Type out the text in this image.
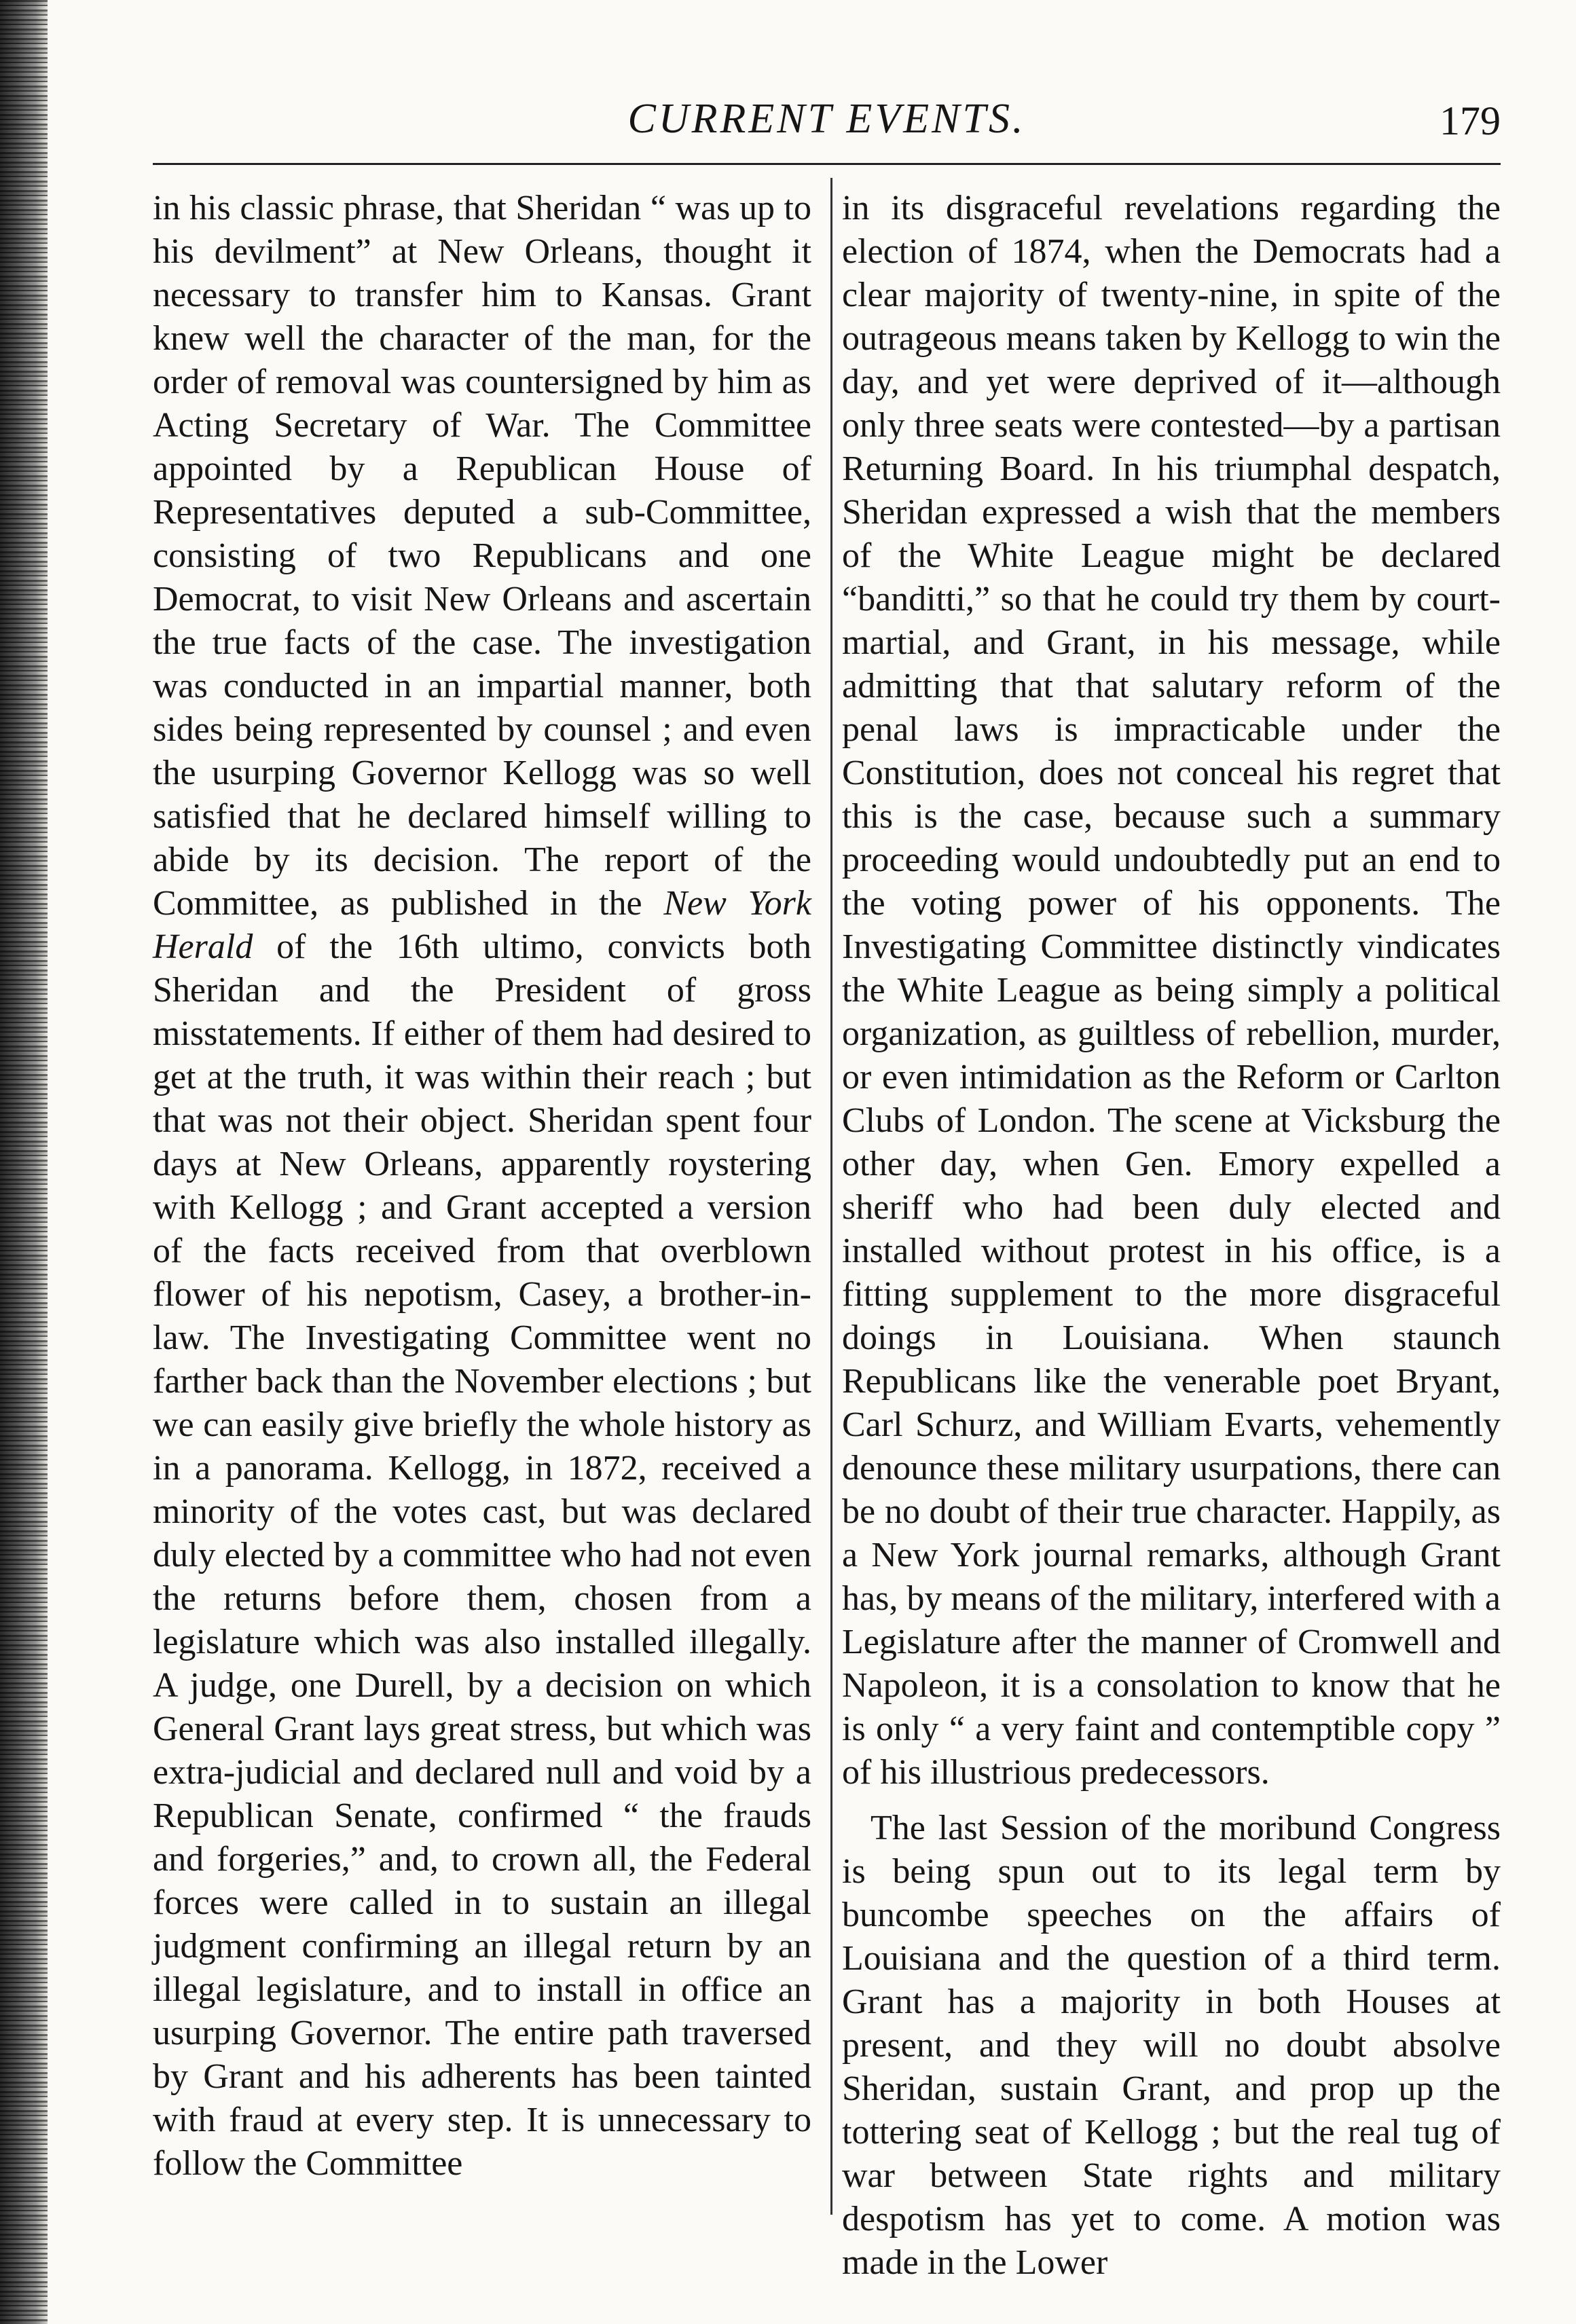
CURRENT EVENTS.	179

in his classic phrase, that Sheridan “ was up to his devilment” at New Orleans, thought it necessary to transfer him to Kansas. Grant knew well the character of the man, for the order of removal was countersigned by him as Acting Secretary of War. The Committee appointed by a Republican House of Representatives deputed a sub-Committee, consisting of two Republicans and one Democrat, to visit New Orleans and ascertain the true facts of the case. The investigation was conducted in an impartial manner, both sides being represented by counsel ; and even the usurping Governor Kellogg was so well satisfied that he declared himself willing to abide by its decision. The report of the Committee, as published in the New York Herald of the 16th ultimo, convicts both Sheridan and the President of gross misstatements. If either of them had desired to get at the truth, it was within their reach ; but that was not their object. Sheridan spent four days at New Orleans, apparently roystering with Kellogg ; and Grant accepted a version of the facts received from that overblown flower of his nepotism, Casey, a brother-in-law. The Investigating Committee went no farther back than the November elections ; but we can easily give briefly the whole history as in a panorama. Kellogg, in 1872, received a minority of the votes cast, but was declared duly elected by a committee who had not even the returns before them, chosen from a legislature which was also installed illegally. A judge, one Durell, by a decision on which General Grant lays great stress, but which was extra-judicial and declared null and void by a Republican Senate, confirmed “ the frauds and forgeries,” and, to crown all, the Federal forces were called in to sustain an illegal judgment confirming an illegal return by an illegal legislature, and to install in office an usurping Governor. The entire path traversed by Grant and his adherents has been tainted with fraud at every step. It is unnecessary to follow the Committee

in its disgraceful revelations regarding the election of 1874, when the Democrats had a clear majority of twenty-nine, in spite of the outrageous means taken by Kellogg to win the day, and yet were deprived of it—although only three seats were contested—by a partisan Returning Board. In his triumphal despatch, Sheridan expressed a wish that the members of the White League might be declared “banditti,” so that he could try them by court-martial, and Grant, in his message, while admitting that that salutary reform of the penal laws is impracticable under the Constitution, does not conceal his regret that this is the case, because such a summary proceeding would undoubtedly put an end to the voting power of his opponents. The Investigating Committee distinctly vindicates the White League as being simply a political organization, as guiltless of rebellion, murder, or even intimidation as the Reform or Carlton Clubs of London. The scene at Vicksburg the other day, when Gen. Emory expelled a sheriff who had been duly elected and installed without protest in his office, is a fitting supplement to the more disgraceful doings in Louisiana. When staunch Republicans like the venerable poet Bryant, Carl Schurz, and William Evarts, vehemently denounce these military usurpations, there can be no doubt of their true character. Happily, as a New York journal remarks, although Grant has, by means of the military, interfered with a Legislature after the manner of Cromwell and Napoleon, it is a consolation to know that he is only “ a very faint and contemptible copy ” of his illustrious predecessors.

The last Session of the moribund Congress is being spun out to its legal term by buncombe speeches on the affairs of Louisiana and the question of a third term. Grant has a majority in both Houses at present, and they will no doubt absolve Sheridan, sustain Grant, and prop up the tottering seat of Kellogg ; but the real tug of war between State rights and military despotism has yet to come. A motion was made in the Lower
